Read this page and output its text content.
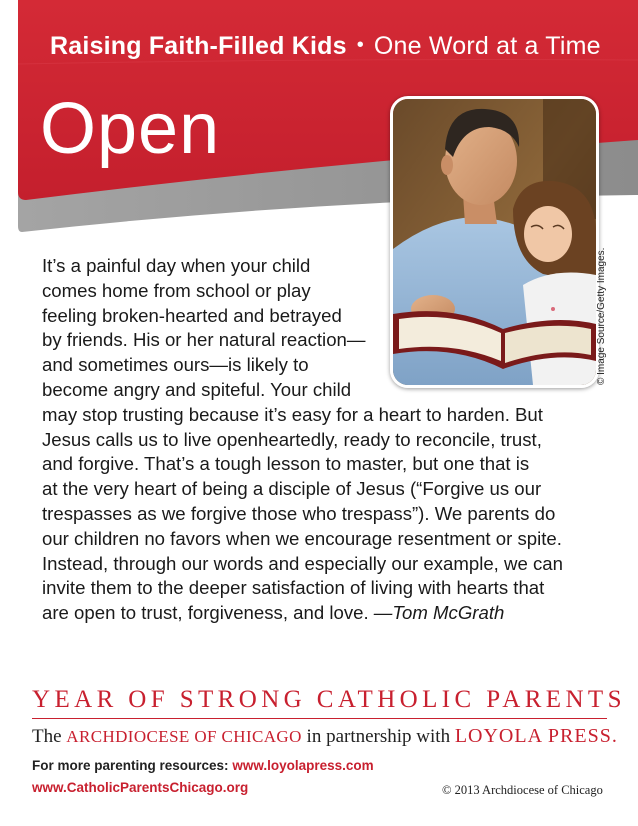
Raising Faith-Filled Kids • One Word at a Time
Open
© Image Source/Getty Images.
It’s a painful day when your child
comes home from school or play
feeling broken-hearted and betrayed
by friends. His or her natural reaction—
and sometimes ours—is likely to
become angry and spiteful. Your child
may stop trusting because it’s easy for a heart to harden. But
Jesus calls us to live openheartedly, ready to reconcile, trust,
and forgive. That’s a tough lesson to master, but one that is
at the very heart of being a disciple of Jesus (“Forgive us our
trespasses as we forgive those who trespass”). We parents do
our children no favors when we encourage resentment or spite.
Instead, through our words and especially our example, we can
invite them to the deeper satisfaction of living with hearts that
are open to trust, forgiveness, and love. —Tom McGrath
YEAR OF STRONG CATHOLIC PARENTS
The ARCHDIOCESE OF CHICAGO in partnership with LOYOLA PRESS.
For more parenting resources: www.loyolapress.com
www.CatholicParentsChicago.org	© 2013 Archdiocese of Chicago
